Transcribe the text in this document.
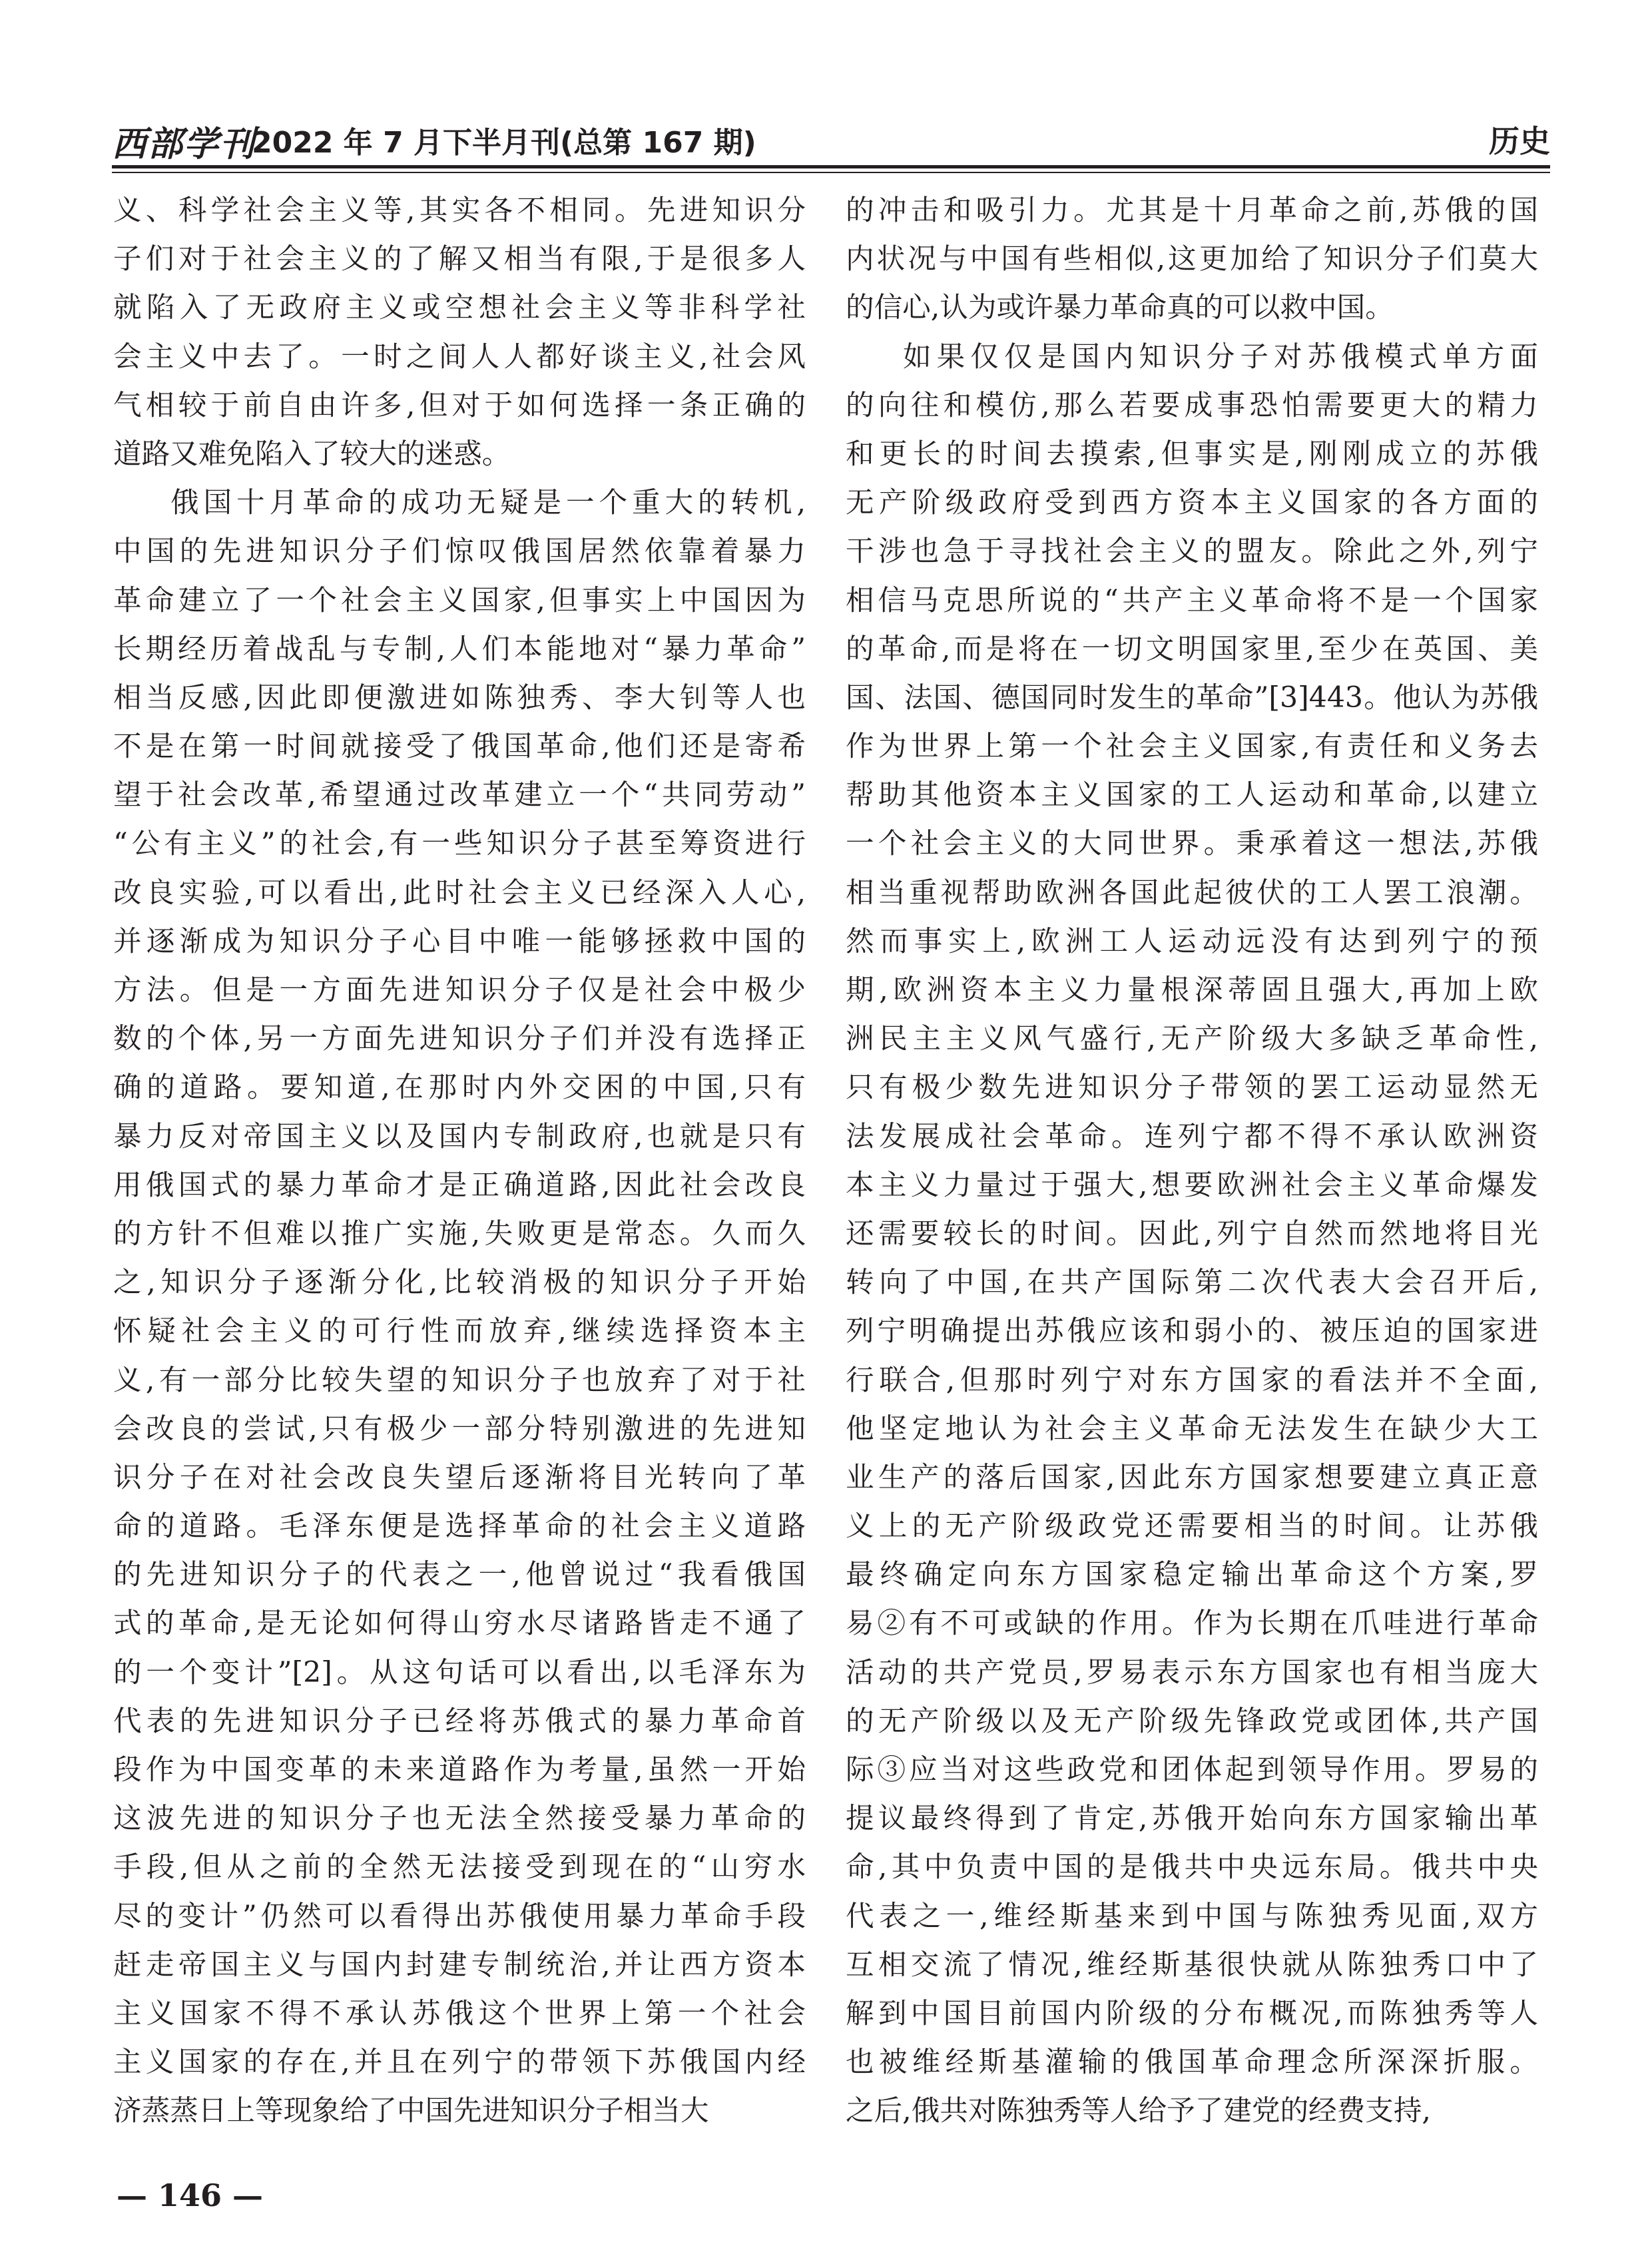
西部学刊
2022 年 7 月下半月刊(总第 167 期)	历史
义、科学社会主义等,其实各不相同。先进知识分
子们对于社会主义的了解又相当有限,于是很多人
就陷入了无政府主义或空想社会主义等非科学社
会主义中去了。一时之间人人都好谈主义,社会风
气相较于前自由许多,但对于如何选择一条正确的
道路又难免陷入了较大的迷惑。
俄国十月革命的成功无疑是一个重大的转机,
中国的先进知识分子们惊叹俄国居然依靠着暴力
革命建立了一个社会主义国家,但事实上中国因为
长期经历着战乱与专制,人们本能地对“暴力革命”
相当反感,因此即便激进如陈独秀、李大钊等人也
不是在第一时间就接受了俄国革命,他们还是寄希
望于社会改革,希望通过改革建立一个“共同劳动”
“公有主义”的社会,有一些知识分子甚至筹资进行
改良实验,可以看出,此时社会主义已经深入人心,
并逐渐成为知识分子心目中唯一能够拯救中国的
方法。但是一方面先进知识分子仅是社会中极少
数的个体,另一方面先进知识分子们并没有选择正
确的道路。要知道,在那时内外交困的中国,只有
暴力反对帝国主义以及国内专制政府,也就是只有
用俄国式的暴力革命才是正确道路,因此社会改良
的方针不但难以推广实施,失败更是常态。久而久
之,知识分子逐渐分化,比较消极的知识分子开始
怀疑社会主义的可行性而放弃,继续选择资本主
义,有一部分比较失望的知识分子也放弃了对于社
会改良的尝试,只有极少一部分特别激进的先进知
识分子在对社会改良失望后逐渐将目光转向了革
命的道路。毛泽东便是选择革命的社会主义道路
的先进知识分子的代表之一,他曾说过“我看俄国
式的革命,是无论如何得山穷水尽诸路皆走不通了
的一个变计”[2]。从这句话可以看出,以毛泽东为
代表的先进知识分子已经将苏俄式的暴力革命首
段作为中国变革的未来道路作为考量,虽然一开始
这波先进的知识分子也无法全然接受暴力革命的
手段,但从之前的全然无法接受到现在的“山穷水
尽的变计”仍然可以看得出苏俄使用暴力革命手段
赶走帝国主义与国内封建专制统治,并让西方资本
主义国家不得不承认苏俄这个世界上第一个社会
主义国家的存在,并且在列宁的带领下苏俄国内经
济蒸蒸日上等现象给了中国先进知识分子相当大
的冲击和吸引力。尤其是十月革命之前,苏俄的国
内状况与中国有些相似,这更加给了知识分子们莫大
的信心,认为或许暴力革命真的可以救中国。
如果仅仅是国内知识分子对苏俄模式单方面
的向往和模仿,那么若要成事恐怕需要更大的精力
和更长的时间去摸索,但事实是,刚刚成立的苏俄
无产阶级政府受到西方资本主义国家的各方面的
干涉也急于寻找社会主义的盟友。除此之外,列宁
相信马克思所说的“共产主义革命将不是一个国家
的革命,而是将在一切文明国家里,至少在英国、美
国、法国、德国同时发生的革命”[3]443。他认为苏俄
作为世界上第一个社会主义国家,有责任和义务去
帮助其他资本主义国家的工人运动和革命,以建立
一个社会主义的大同世界。秉承着这一想法,苏俄
相当重视帮助欧洲各国此起彼伏的工人罢工浪潮。
然而事实上,欧洲工人运动远没有达到列宁的预
期,欧洲资本主义力量根深蒂固且强大,再加上欧
洲民主主义风气盛行,无产阶级大多缺乏革命性,
只有极少数先进知识分子带领的罢工运动显然无
法发展成社会革命。连列宁都不得不承认欧洲资
本主义力量过于强大,想要欧洲社会主义革命爆发
还需要较长的时间。因此,列宁自然而然地将目光
转向了中国,在共产国际第二次代表大会召开后,
列宁明确提出苏俄应该和弱小的、被压迫的国家进
行联合,但那时列宁对东方国家的看法并不全面,
他坚定地认为社会主义革命无法发生在缺少大工
业生产的落后国家,因此东方国家想要建立真正意
义上的无产阶级政党还需要相当的时间。让苏俄
最终确定向东方国家稳定输出革命这个方案,罗
易②有不可或缺的作用。作为长期在爪哇进行革命
活动的共产党员,罗易表示东方国家也有相当庞大
的无产阶级以及无产阶级先锋政党或团体,共产国
际③应当对这些政党和团体起到领导作用。罗易的
提议最终得到了肯定,苏俄开始向东方国家输出革
命,其中负责中国的是俄共中央远东局。俄共中央
代表之一,维经斯基来到中国与陈独秀见面,双方
互相交流了情况,维经斯基很快就从陈独秀口中了
解到中国目前国内阶级的分布概况,而陈独秀等人
也被维经斯基灌输的俄国革命理念所深深折服。
之后,俄共对陈独秀等人给予了建党的经费支持,
— 146 —
